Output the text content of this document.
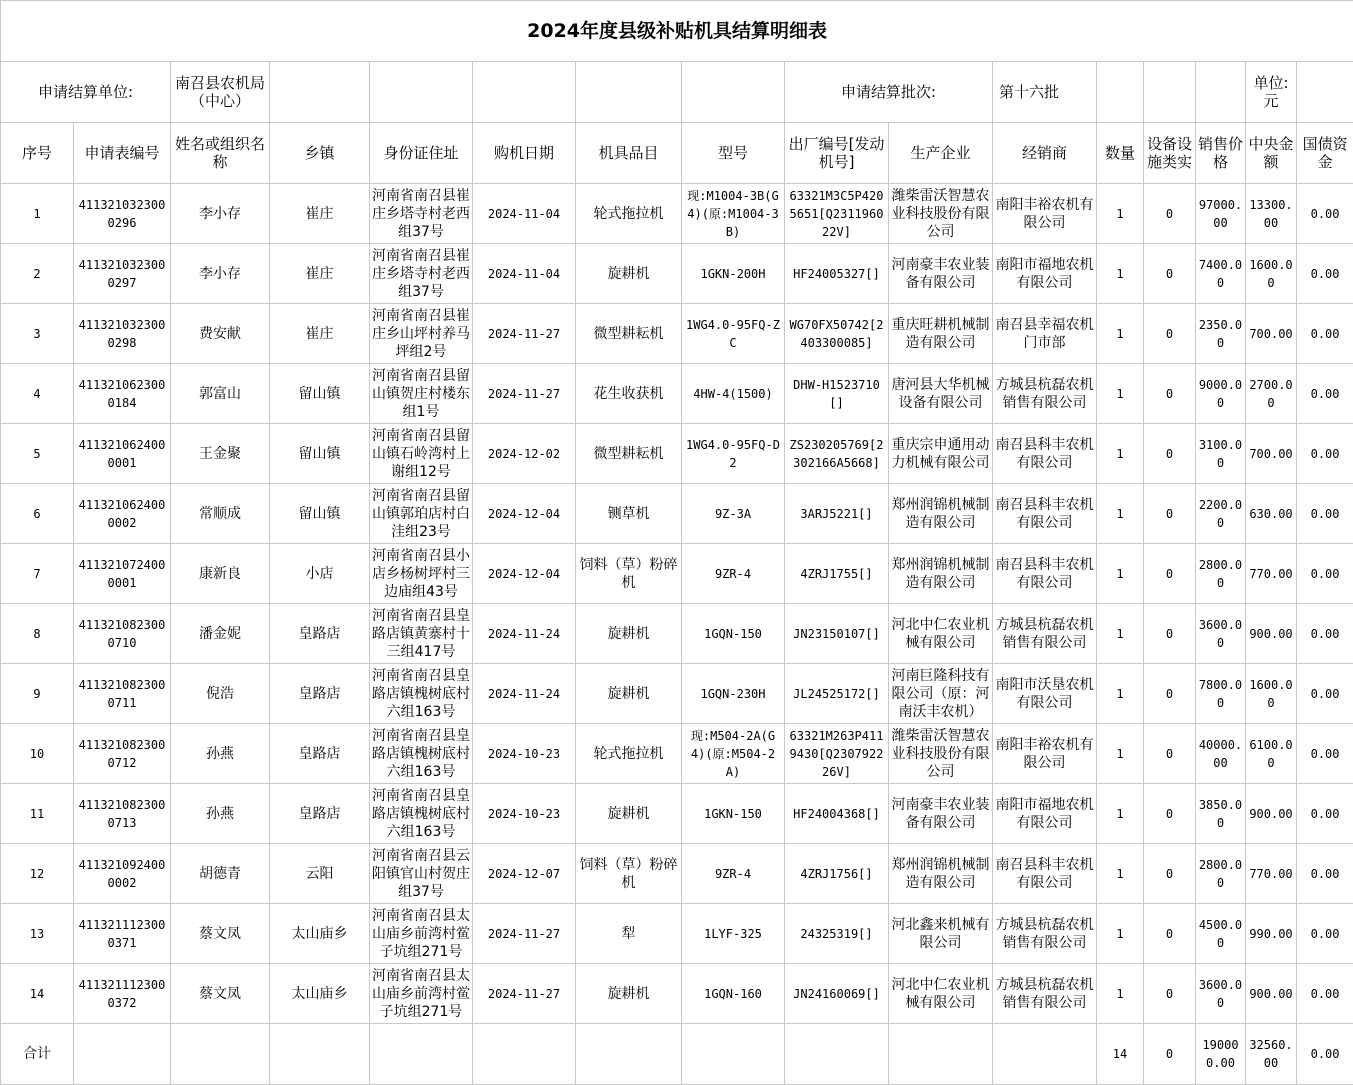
2024年度县级补贴机具结算明细表															
申请结算单位:		南召县农机局（中心）						申请结算批次:		第十六批				单位:元	
序号	申请表编号	姓名或组织名称	乡镇	身份证住址	购机日期	机具品目	型号	出厂编号[发动机号]	生产企业	经销商	数量	设备设施类实	销售价格	中央金额	国债资金

1	4113210323000296	李小存	崔庄	河南省南召县崔庄乡塔寺村老西组37号	2024-11-04	轮式拖拉机	现:M1004-3B(G4)(原:M1004-3B)	63321M3C5P4205651[Q231196022V]	潍柴雷沃智慧农业科技股份有限公司	南阳丰裕农机有限公司	1	0	97000.00	13300.00	0.00

2	4113210323000297	李小存	崔庄	河南省南召县崔庄乡塔寺村老西组37号	2024-11-04	旋耕机	1GKN-200H	HF24005327[]	河南豪丰农业装备有限公司	南阳市福地农机有限公司	1	0	7400.00	1600.00	0.00

3	4113210323000298	费安献	崔庄	河南省南召县崔庄乡山坪村养马坪组2号	2024-11-27	微型耕耘机	1WG4.0-95FQ-ZC	WG70FX50742[2403300085]	重庆旺耕机械制造有限公司	南召县幸福农机门市部	1	0	2350.00	700.00	0.00

4	4113210623000184	郭富山	留山镇	河南省南召县留山镇贺庄村楼东组1号	2024-11-27	花生收获机	4HW-4(1500)	DHW-H1523710[]	唐河县大华机械设备有限公司	方城县杭磊农机销售有限公司	1	0	9000.00	2700.00	0.00

5	4113210624000001	王金聚	留山镇	河南省南召县留山镇石岭湾村上谢组12号	2024-12-02	微型耕耘机	1WG4.0-95FQ-D2	ZS230205769[2302166A5668]	重庆宗申通用动力机械有限公司	南召县科丰农机有限公司	1	0	3100.00	700.00	0.00

6	4113210624000002	常顺成	留山镇	河南省南召县留山镇郭珀店村白洼组23号	2024-12-04	铡草机	9Z-3A	3ARJ5221[]	郑州润锦机械制造有限公司	南召县科丰农机有限公司	1	0	2200.00	630.00	0.00

7	4113210724000001	康新良	小店	河南省南召县小店乡杨树坪村三边庙组43号	2024-12-04	饲料（草）粉碎机	9ZR-4	4ZRJ1755[]	郑州润锦机械制造有限公司	南召县科丰农机有限公司	1	0	2800.00	770.00	0.00

8	4113210823000710	潘金妮	皇路店	河南省南召县皇路店镇黄寨村十三组417号	2024-11-24	旋耕机	1GQN-150	JN23150107[]	河北中仁农业机械有限公司	方城县杭磊农机销售有限公司	1	0	3600.00	900.00	0.00

9	4113210823000711	倪浩	皇路店	河南省南召县皇路店镇槐树底村六组163号	2024-11-24	旋耕机	1GQN-230H	JL24525172[]	河南巨隆科技有限公司（原：河南沃丰农机）	南阳市沃垦农机有限公司	1	0	7800.00	1600.00	0.00

10	4113210823000712	孙燕	皇路店	河南省南召县皇路店镇槐树底村六组163号	2024-10-23	轮式拖拉机	现:M504-2A(G4)(原:M504-2A)	63321M263P4119430[Q230792226V]	潍柴雷沃智慧农业科技股份有限公司	南阳丰裕农机有限公司	1	0	40000.00	6100.00	0.00

11	4113210823000713	孙燕	皇路店	河南省南召县皇路店镇槐树底村六组163号	2024-10-23	旋耕机	1GKN-150	HF24004368[]	河南豪丰农业装备有限公司	南阳市福地农机有限公司	1	0	3850.00	900.00	0.00

12	4113210924000002	胡德青	云阳	河南省南召县云阳镇官山村贺庄组37号	2024-12-07	饲料（草）粉碎机	9ZR-4	4ZRJ1756[]	郑州润锦机械制造有限公司	南召县科丰农机有限公司	1	0	2800.00	770.00	0.00

13	4113211123000371	蔡文凤	太山庙乡	河南省南召县太山庙乡前湾村鲎子坑组271号	2024-11-27	犁	1LYF-325	24325319[]	河北鑫来机械有限公司	方城县杭磊农机销售有限公司	1	0	4500.00	990.00	0.00

14	4113211123000372	蔡文凤	太山庙乡	河南省南召县太山庙乡前湾村鲎子坑组271号	2024-11-27	旋耕机	1GQN-160	JN24160069[]	河北中仁农业机械有限公司	方城县杭磊农机销售有限公司	1	0	3600.00	900.00	0.00

合计											14	0	190000.00	32560.00	0.00
